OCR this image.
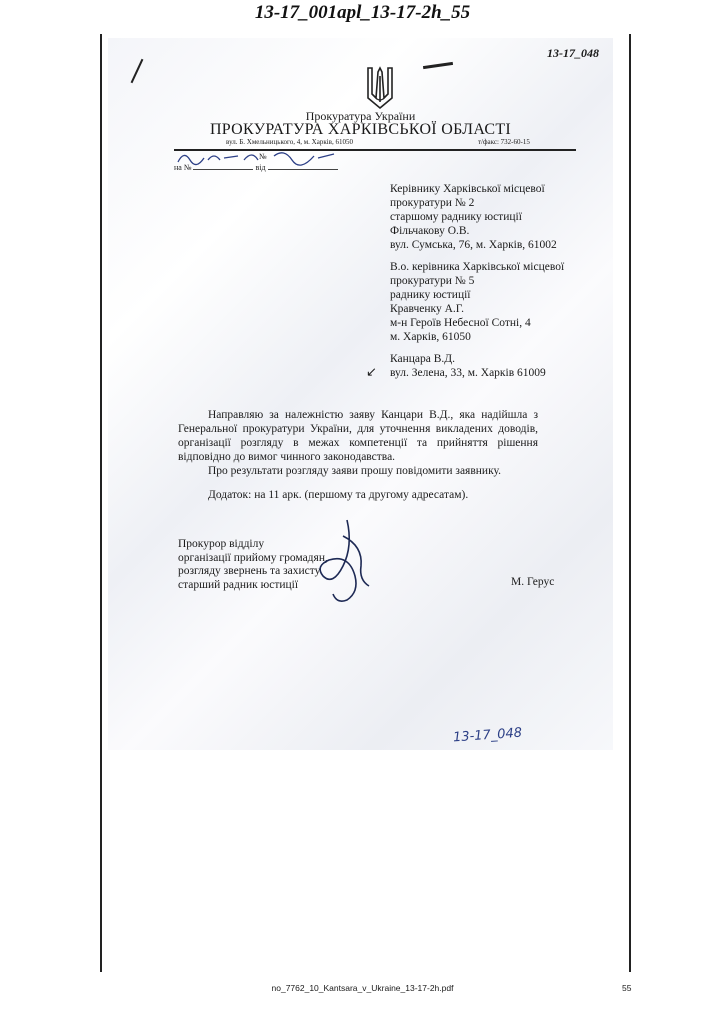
13-17_001apl_13-17-2h_55
13-17_048
Прокуратура України
ПРОКУРАТУРА ХАРКІВСЬКОЇ ОБЛАСТІ
вул. Б. Хмельницького, 4, м. Харків, 61050	т/факс: 732-60-15
№
на №	від

Керівнику Харківської місцевої

прокуратури № 2

старшому раднику юстиції

Фільчакову О.В.

вул. Сумська, 76, м. Харків, 61002

В.о. керівника Харківської місцевої

прокуратури № 5

раднику юстиції

Кравченку А.Г.

м-н Героїв Небесної Сотні, 4

м. Харків, 61050

Канцара В.Д.

вул. Зелена, 33, м. Харків 61009

↙

Направляю за належністю заяву Канцари В.Д., яка надійшла з Генеральної прокуратури України, для уточнення викладених доводів, організації розгляду в межах компетенції та прийняття рішення відповідно до вимог чинного законодавства.

Про результати розгляду заяви прошу повідомити заявнику.

Додаток: на 11 арк. (першому та другому адресатам).

Прокурор відділу

організації прийому громадян,

розгляду звернень та захисту

старший радник юстиції	М. Герус
13-17_048
no_7762_10_Kantsara_v_Ukraine_13-17-2h.pdf	55
